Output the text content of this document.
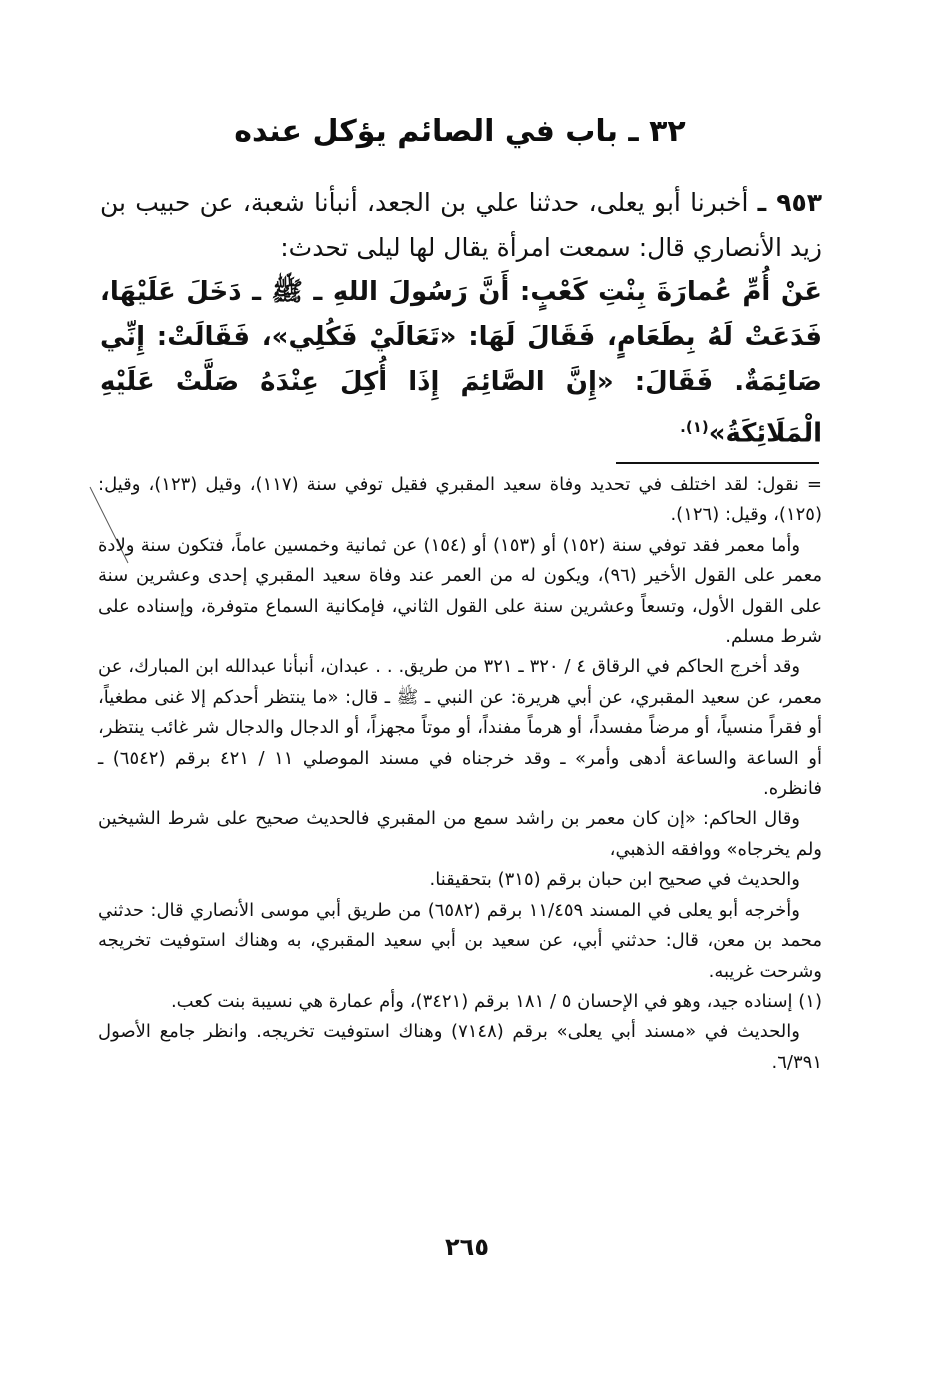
٣٢ ـ باب في الصائم يؤكل عنده

٩٥٣ ـ أخبرنا أبو يعلى، حدثنا علي بن الجعد، أنبأنا شعبة، عن حبيب بن زيد الأنصاري قال: سمعت امرأة يقال لها ليلى تحدث:

عَنْ أُمِّ عُمارَةَ بِنْتِ كَعْبٍ: أَنَّ رَسُولَ اللهِ ـ ﷺ ـ دَخَلَ عَلَيْهَا، فَدَعَتْ لَهُ بِطَعَامٍ، فَقَالَ لَهَا: «تَعَالَيْ فَكُلِي»، فَقَالَتْ: إِنِّي صَائِمَةٌ. فَقَالَ: «إِنَّ الصَّائِمَ إِذَا أُكِلَ عِنْدَهُ صَلَّتْ عَلَيْهِ الْمَلَائِكَةُ»$^{(١).}$

= نقول: لقد اختلف في تحديد وفاة سعيد المقبري فقيل توفي سنة (١١٧)، وقيل (١٢٣)، وقيل: (١٢٥)، وقيل: (١٢٦).

وأما معمر فقد توفي سنة (١٥٢) أو (١٥٣) أو (١٥٤) عن ثمانية وخمسين عاماً، فتكون سنة ولادة معمر على القول الأخير (٩٦)، ويكون له من العمر عند وفاة سعيد المقبري إحدى وعشرين سنة على القول الأول، وتسعاً وعشرين سنة على القول الثاني، فإمكانية السماع متوفرة، وإسناده على شرط مسلم.

وقد أخرج الحاكم في الرقاق ٤ / ٣٢٠ ـ ٣٢١ من طريق. . . عبدان، أنبأنا عبدالله ابن المبارك، عن معمر، عن سعيد المقبري، عن أبي هريرة: عن النبي ـ ﷺ ـ قال: «ما ينتظر أحدكم إلا غنى مطغياً، أو فقراً منسياً، أو مرضاً مفسداً، أو هرماً مفنداً، أو موتاً مجهزاً، أو الدجال والدجال شر غائب ينتظر، أو الساعة والساعة أدهى وأمر» ـ وقد خرجناه في مسند الموصلي ١١ / ٤٢١ برقم (٦٥٤٢) ـ فانظره.

وقال الحاكم: «إن كان معمر بن راشد سمع من المقبري فالحديث صحيح على شرط الشيخين ولم يخرجاه» ووافقه الذهبي،

والحديث في صحيح ابن حبان برقم (٣١٥) بتحقيقنا.

وأخرجه أبو يعلى في المسند ١١/٤٥٩ برقم (٦٥٨٢) من طريق أبي موسى الأنصاري قال: حدثني محمد بن معن، قال: حدثني أبي، عن سعيد بن أبي سعيد المقبري، به وهناك استوفيت تخريجه وشرحت غريبه.

(١) إسناده جيد، وهو في الإحسان ٥ / ١٨١ برقم (٣٤٢١)، وأم عمارة هي نسيبة بنت كعب.

والحديث في «مسند أبي يعلى» برقم (٧١٤٨) وهناك استوفيت تخريجه. وانظر جامع الأصول ٦/٣٩١.

٢٦٥
